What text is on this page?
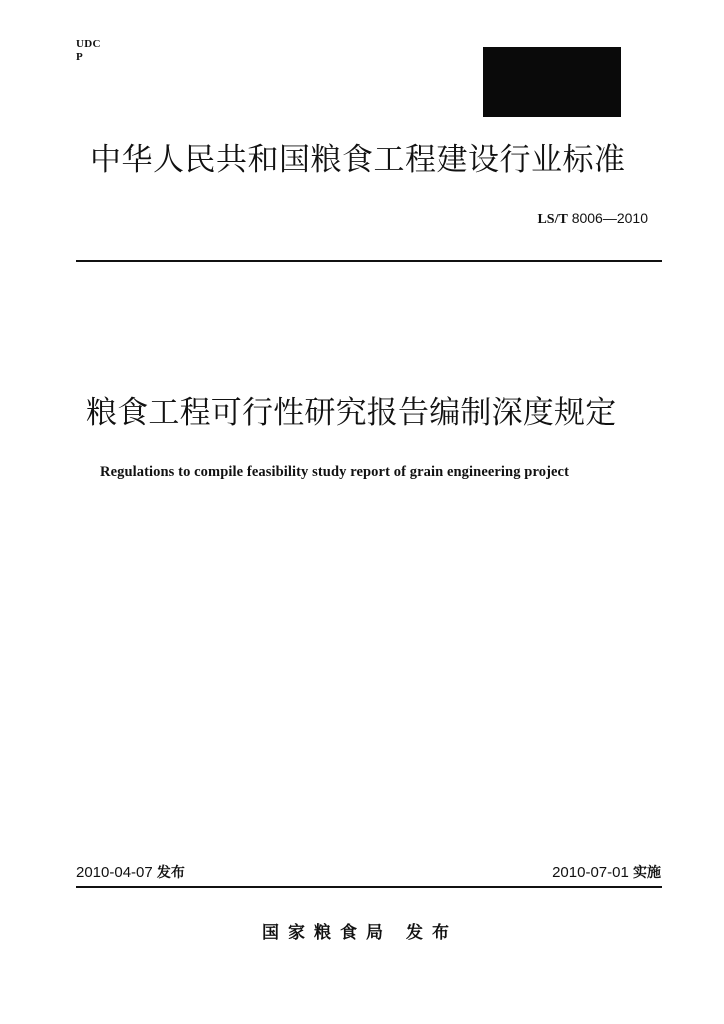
UDC
P
中华人民共和国粮食工程建设行业标准
LS/T 8006—2010
粮食工程可行性研究报告编制深度规定
Regulations to compile feasibility study report of grain engineering project
2010-04-07 发布	2010-07-01 实施
国家粮食局 发布
